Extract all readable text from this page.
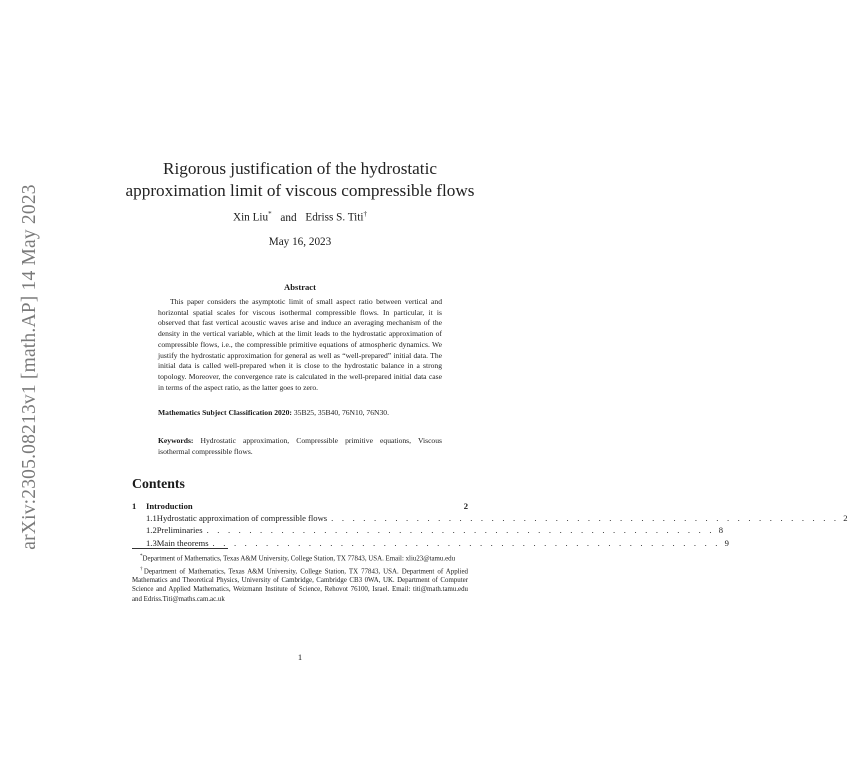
arXiv:2305.08213v1 [math.AP] 14 May 2023
Rigorous justification of the hydrostatic
approximation limit of viscous compressible flows
Xin Liu* and Edriss S. Titi†
May 16, 2023
Abstract

This paper considers the asymptotic limit of small aspect ratio between vertical and horizontal spatial scales for viscous isothermal compressible flows. In particular, it is observed that fast vertical acoustic waves arise and induce an averaging mechanism of the density in the vertical variable, which at the limit leads to the hydrostatic approximation of compressible flows, i.e., the compressible primitive equations of atmospheric dynamics. We justify the hydrostatic approximation for general as well as “well-prepared” initial data. The initial data is called well-prepared when it is close to the hydrostatic balance in a strong topology. Moreover, the convergence rate is calculated in the well-prepared initial data case in terms of the aspect ratio, as the latter goes to zero.

Mathematics Subject Classification 2020: 35B25, 35B40, 76N10, 76N30.
Keywords: Hydrostatic approximation, Compressible primitive equations, Viscous isothermal compressible flows.
Contents
1	Introduction	2
1.1 Hydrostatic approximation of compressible flows . . . . . . . . . . . . . . . . . . . . . . . . . . . . . . . . . . . . . . . . . . . . . . . . 2
1.2 Preliminaries . . . . . . . . . . . . . . . . . . . . . . . . . . . . . . . . . . . . . . . . . . . . . . . . 8
1.3 Main theorems . . . . . . . . . . . . . . . . . . . . . . . . . . . . . . . . . . . . . . . . . . . . . . . . 9

*Department of Mathematics, Texas A&M University, College Station, TX 77843, USA. Email: xliu23@tamu.edu

†Department of Mathematics, Texas A&M University, College Station, TX 77843, USA. Department of Applied Mathematics and Theoretical Physics, University of Cambridge, Cambridge CB3 0WA, UK. Department of Computer Science and Applied Mathematics, Weizmann Institute of Science, Rehovot 76100, Israel. Email: titi@math.tamu.edu and Edriss.Titi@maths.cam.ac.uk

1
